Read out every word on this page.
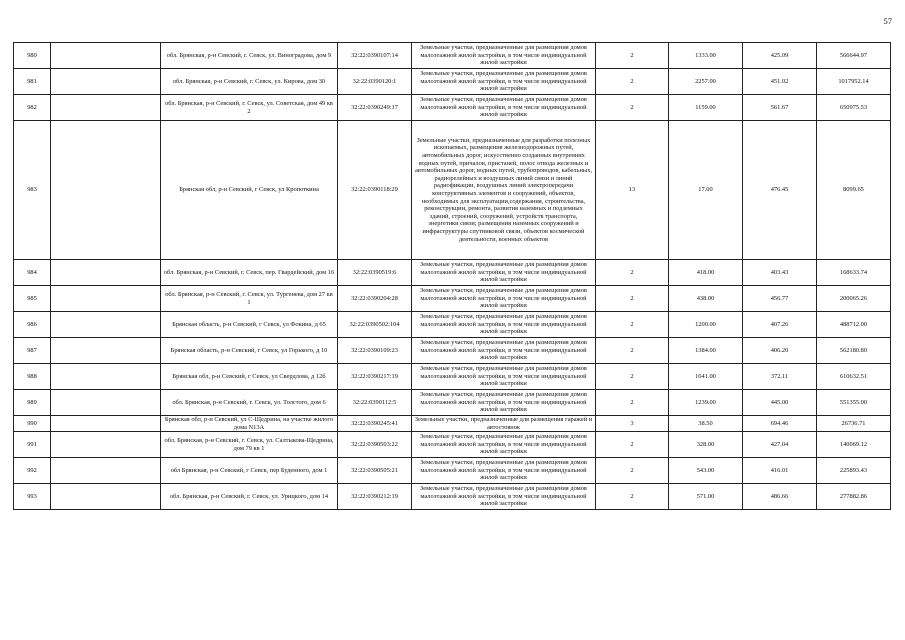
57
980		обл. Брянская, р-н Севский, г. Севск, ул. Виноградова, дом 9	32:22:0390107:14	Земельные участки, предназначенные для размещения домов малоэтажной жилой застройки, в том числе индивидуальной жилой застройки	2	1333.00	425.09	566644.97
981		обл. Брянская, р-н Севский, г. Севск, ул. Кирова, дом 30	32:22:0390120:1	Земельные участки, предназначенные для размещения домов малоэтажной жилой застройки, в том числе индивидуальной жилой застройки	2	2257.00	451.02	1017952.14
982		обл. Брянская, р-н Севский, г. Севск, ул. Советская, дом 49 кв 2	32:22:0390249:17	Земельные участки, предназначенные для размещения домов малоэтажной жилой застройки, в том числе индивидуальной жилой застройки	2	1159.00	561.67	650975.53
983		Брянская обл, р-н Севский, г Севск, ул Кропоткина	32:22:0390118:29	Земельные участки, предназначенные для разработки полезных ископаемых, размещения железнодорожных путей, автомобильных дорог, искусственно созданных внутренних водных путей, причалов, пристаней, полос отвода железных и автомобильных дорог, водных путей, трубопроводов, кабельных, радиорелейных и воздушных линий связи и линий радиофикации, воздушных линий электропередачи конструктивных элементов и сооружений, объектов, необходимых для эксплуатации,содержания, строительства, реконструкции, ремонта, развития наземных и подземных зданий, строений, сооружений, устройств транспорта, энергетики связи; размещения наземных сооружений и инфраструктуры спутниковой связи, объектов космической деятельности, военных объектов	13	17.00	476.45	8099.65
984		обл. Брянская, р-н Севский, г. Севск, пер. Гвардейский, дом 16	32:22:0390519:6	Земельные участки, предназначенные для размещения домов малоэтажной жилой застройки, в том числе индивидуальной жилой застройки	2	418.00	403.43	168633.74
985		обл. Брянская, р-н Севский, г. Севск, ул. Тургенева, дом 27 кв 1	32:22:0390204:28	Земельные участки, предназначенные для размещения домов малоэтажной жилой застройки, в том числе индивидуальной жилой застройки	2	438.00	456.77	200065.26
986		Брянская область, р-н Севский, г Севск, ул Фокина, д 65	32:22:0390502:104	Земельные участки, предназначенные для размещения домов малоэтажной жилой застройки, в том числе индивидуальной жилой застройки	2	1200.00	407.26	488712.00
987		Брянская область, р-н Севский, г Севск, ул Горького, д 10	32:22:0390109:23	Земельные участки, предназначенные для размещения домов малоэтажной жилой застройки, в том числе индивидуальной жилой застройки	2	1384.00	406.20	562180.80
988		Брянская обл, р-н Севский, г Севск, ул Свердлова, д 12б	32:22:0390217:19	Земельные участки, предназначенные для размещения домов малоэтажной жилой застройки, в том числе индивидуальной жилой застройки	2	1641.00	372.11	610632.51
989		обл. Брянская, р-н Севский, г. Севск, ул. Толстого, дом 6	32:22:0390112:5	Земельные участки, предназначенные для размещения домов малоэтажной жилой застройки, в том числе индивидуальной жилой застройки	2	1239.00	445.00	551355.00
990		Брянская обл, р-н Севский, ул С-Щедрина, на участке жилого дома N13А	32:22:0390245:41	Земельные участки, предназначенные для размещения гаражей и автостоянок	3	38.50	694.46	26736.71
991		обл. Брянская, р-н Севский, г. Севск, ул. Салтыкова-Щедрина, дом 79 кв 1	32:22:0390503:22	Земельные участки, предназначенные для размещения домов малоэтажной жилой застройки, в том числе индивидуальной жилой застройки	2	328.00	427.04	140069.12
992		обл Брянская, р-н Севский, г Севск, пер Буденного, дом 1	32:22:0390505:21	Земельные участки, предназначенные для размещения домов малоэтажной жилой застройки, в том числе индивидуальной жилой застройки	2	543.00	416.01	225893.43
993		обл. Брянская, р-н Севский, г. Севск, ул. Урицкого, дом 14	32:22:0390212:19	Земельные участки, предназначенные для размещения домов малоэтажной жилой застройки, в том числе индивидуальной жилой застройки	2	571.00	486.66	277882.86
